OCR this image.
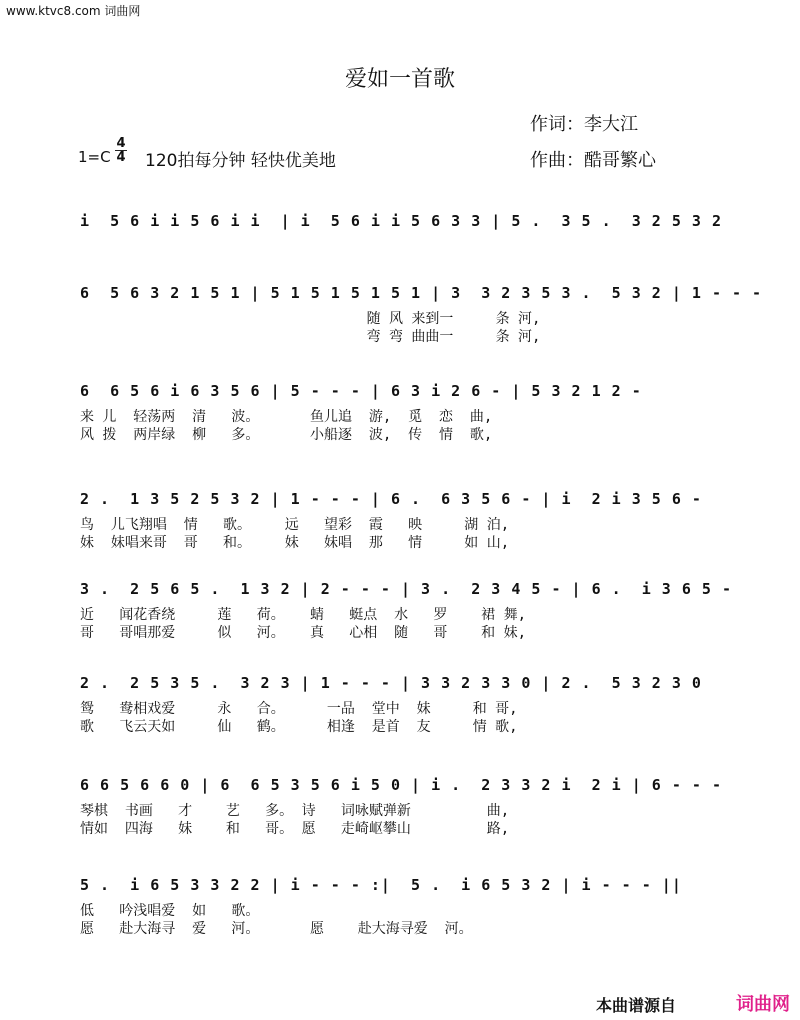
www.ktvc8.com 词曲网
爱如一首歌
作词：李大江
作曲：酷哥繁心
1=C
4
4 120拍每分钟 轻快优美地
i  5 6 i i 5 6 i i  | i  5 6 i i 5 6 3 3 | 5 .  3 5 .  3 2 5 3 2
6  5 6 3 2 1 5 1 | 5 1 5 1 5 1 5 1 | 3  3 2 3 5 3 .  5 3 2 | 1 - - -
随 风 来到一     条 河,
弯 弯 曲曲一     条 河,
6  6 5 6 i 6 3 5 6 | 5 - - - | 6 3 i 2 6 - | 5 3 2 1 2 -
来 儿  轻荡两  清   波。      鱼儿追  游,  觅  恋  曲,
风 拨  两岸绿  柳   多。      小船逐  波,  传  情  歌,
2 .  1 3 5 2 5 3 2 | 1 - - - | 6 .  6 3 5 6 - | i  2 i 3 5 6 -
鸟  儿飞翔唱  情   歌。    远   望彩  霞   映     湖 泊,
妹  妹唱来哥  哥   和。    妹   妹唱  那   情     如 山,
3 .  2 5 6 5 .  1 3 2 | 2 - - - | 3 .  2 3 4 5 - | 6 .  i 3 6 5 -
近   闻花香绕     莲   荷。   蜻   蜓点  水   罗    裙 舞,
哥   哥唱那爱     似   河。   真   心相  随   哥    和 妹,
2 .  2 5 3 5 .  3 2 3 | 1 - - - | 3 3 2 3 3 0 | 2 .  5 3 2 3 0
鸳   鸯相戏爱     永   合。     一品  堂中  妹     和 哥,
歌   飞云天如     仙   鹤。     相逢  是首  友     情 歌,
6 6 5 6 6 0 | 6  6 5 3 5 6 i 5 0 | i .  2 3 3 2 i  2 i | 6 - - -
琴棋  书画   才    艺   多。 诗   词咏赋弹新         曲,
情如  四海   妹    和   哥。 愿   走崎岖攀山         路,
5 .  i 6 5 3 3 2 2 | i - - - :|  5 .  i 6 5 3 2 | i - - - ||
低   吟浅唱爱  如   歌。
愿   赴大海寻  爱   河。      愿    赴大海寻爱  河。
本曲谱源自	词曲网
